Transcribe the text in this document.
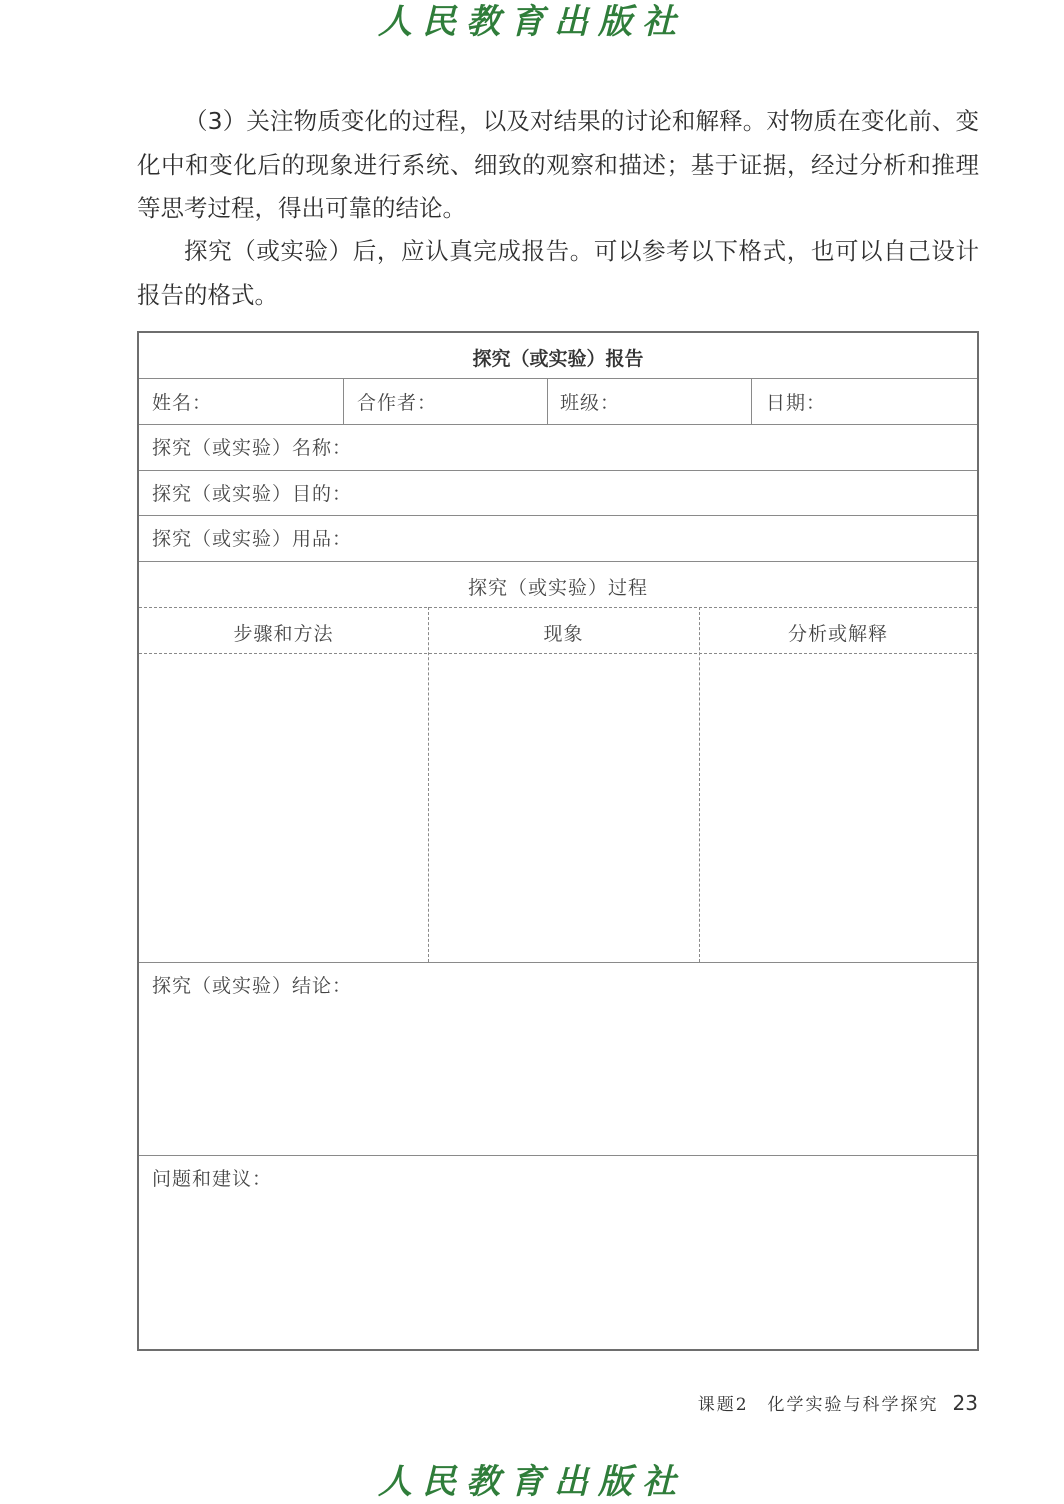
人民教育出版社

（3）关注物质变化的过程，以及对结果的讨论和解释。对物质在变化前、变化中和变化后的现象进行系统、细致的观察和描述；基于证据，经过分析和推理等思考过程，得出可靠的结论。

探究（或实验）后，应认真完成报告。可以参考以下格式，也可以自己设计报告的格式。

探究（或实验）报告
姓名：	合作者：	班级：	日期：
探究（或实验）名称：
探究（或实验）目的：
探究（或实验）用品：
探究（或实验）过程
步骤和方法	现象	分析或解释
探究（或实验）结论：
问题和建议：
课题2　化学实验与科学探究 23
人民教育出版社
